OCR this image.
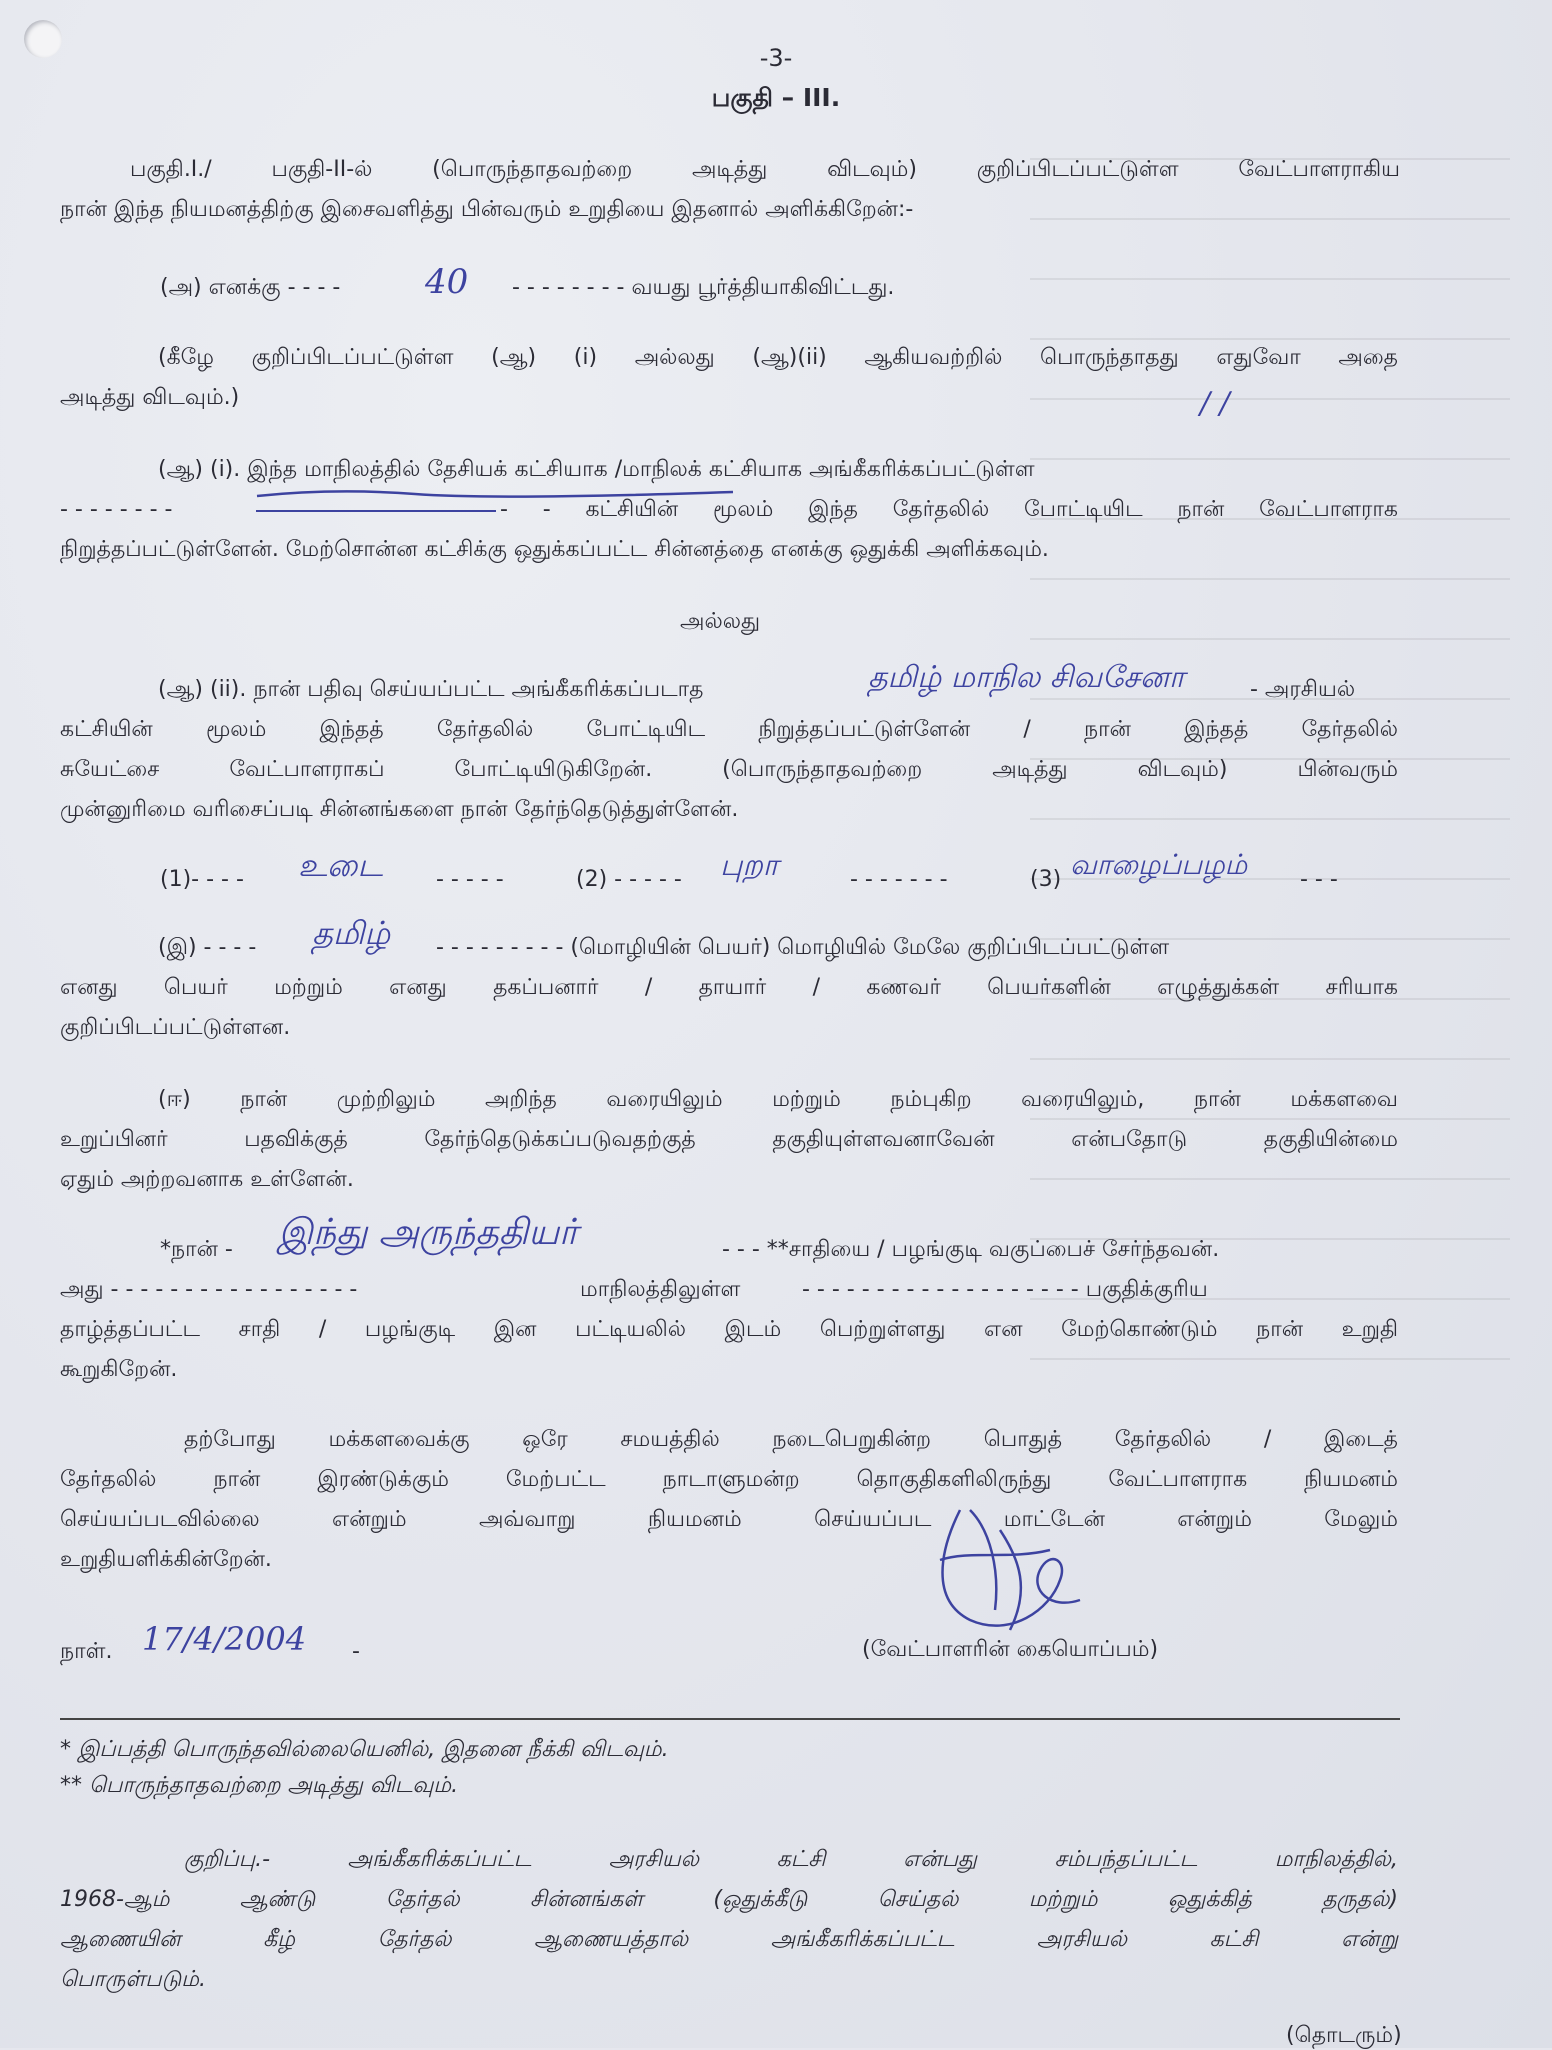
-3-
பகுதி – III.
பகுதி.I./ பகுதி-II-ல் (பொருந்தாதவற்றை அடித்து விடவும்) குறிப்பிடப்பட்டுள்ள வேட்பாளராகிய
நான் இந்த நியமனத்திற்கு இசைவளித்து பின்வரும் உறுதியை இதனால் அளிக்கிறேன்:-
(அ) எனக்கு - - - - 40 - - - - - - - - வயது பூர்த்தியாகிவிட்டது.
(கீழே குறிப்பிடப்பட்டுள்ள (ஆ) (i) அல்லது (ஆ)(ii) ஆகியவற்றில் பொருந்தாதது எதுவோ அதை
அடித்து விடவும்.)	/ /
(ஆ) (i). இந்த மாநிலத்தில் தேசியக் கட்சியாக /மாநிலக் கட்சியாக அங்கீகரிக்கப்பட்டுள்ள
- - - - - - - -	- - கட்சியின் மூலம் இந்த தேர்தலில் போட்டியிட நான் வேட்பாளராக
நிறுத்தப்பட்டுள்ளேன். மேற்சொன்ன கட்சிக்கு ஒதுக்கப்பட்ட சின்னத்தை எனக்கு ஒதுக்கி அளிக்கவும்.
அல்லது
(ஆ) (ii). நான் பதிவு செய்யப்பட்ட அங்கீகரிக்கப்படாத	தமிழ் மாநில சிவசேனா	- அரசியல்
கட்சியின் மூலம் இந்தத் தேர்தலில் போட்டியிட நிறுத்தப்பட்டுள்ளேன் / நான் இந்தத் தேர்தலில்
சுயேட்சை வேட்பாளராகப் போட்டியிடுகிறேன். (பொருந்தாதவற்றை அடித்து விடவும்) பின்வரும்
முன்னுரிமை வரிசைப்படி சின்னங்களை நான் தேர்ந்தெடுத்துள்ளேன்.
(1)- - - - உடை - - - - -	(2) - - - - - புறா	- - - - - - -	(3) வாழைப்பழம் - - -
(இ) - - - - தமிழ் - - - - - - - - - (மொழியின் பெயர்) மொழியில் மேலே குறிப்பிடப்பட்டுள்ள
எனது பெயர் மற்றும் எனது தகப்பனார் / தாயார் / கணவர் பெயர்களின் எழுத்துக்கள் சரியாக
குறிப்பிடப்பட்டுள்ளன.
(ஈ) நான் முற்றிலும் அறிந்த வரையிலும் மற்றும் நம்புகிற வரையிலும், நான் மக்களவை
உறுப்பினர் பதவிக்குத் தேர்ந்தெடுக்கப்படுவதற்குத் தகுதியுள்ளவனாவேன் என்பதோடு தகுதியின்மை
ஏதும் அற்றவனாக உள்ளேன்.
*நான் - இந்து அருந்ததியர்	- - - **சாதியை / பழங்குடி வகுப்பைச் சேர்ந்தவன்.
அது - - - - - - - - - - - - - - - - -	மாநிலத்திலுள்ள	- - - - - - - - - - - - - - - - - - - பகுதிக்குரிய
தாழ்த்தப்பட்ட சாதி / பழங்குடி இன பட்டியலில் இடம் பெற்றுள்ளது என மேற்கொண்டும் நான் உறுதி
கூறுகிறேன்.
தற்போது மக்களவைக்கு ஒரே சமயத்தில் நடைபெறுகின்ற பொதுத் தேர்தலில் / இடைத்
தேர்தலில் நான் இரண்டுக்கும் மேற்பட்ட நாடாளுமன்ற தொகுதிகளிலிருந்து வேட்பாளராக நியமனம்
செய்யப்படவில்லை என்றும் அவ்வாறு நியமனம் செய்யப்பட மாட்டேன் என்றும் மேலும்
உறுதியளிக்கின்றேன்.
(வேட்பாளரின் கையொப்பம்)
நாள். 17/4/2004 -
* இப்பத்தி பொருந்தவில்லையெனில், இதனை நீக்கி விடவும்.
** பொருந்தாதவற்றை அடித்து விடவும்.
குறிப்பு.- அங்கீகரிக்கப்பட்ட அரசியல் கட்சி என்பது சம்பந்தப்பட்ட மாநிலத்தில்,
1968-ஆம் ஆண்டு தேர்தல் சின்னங்கள் (ஒதுக்கீடு செய்தல் மற்றும் ஒதுக்கித் தருதல்)
ஆணையின் கீழ் தேர்தல் ஆணையத்தால் அங்கீகரிக்கப்பட்ட அரசியல் கட்சி என்று
பொருள்படும்.
(தொடரும்)
